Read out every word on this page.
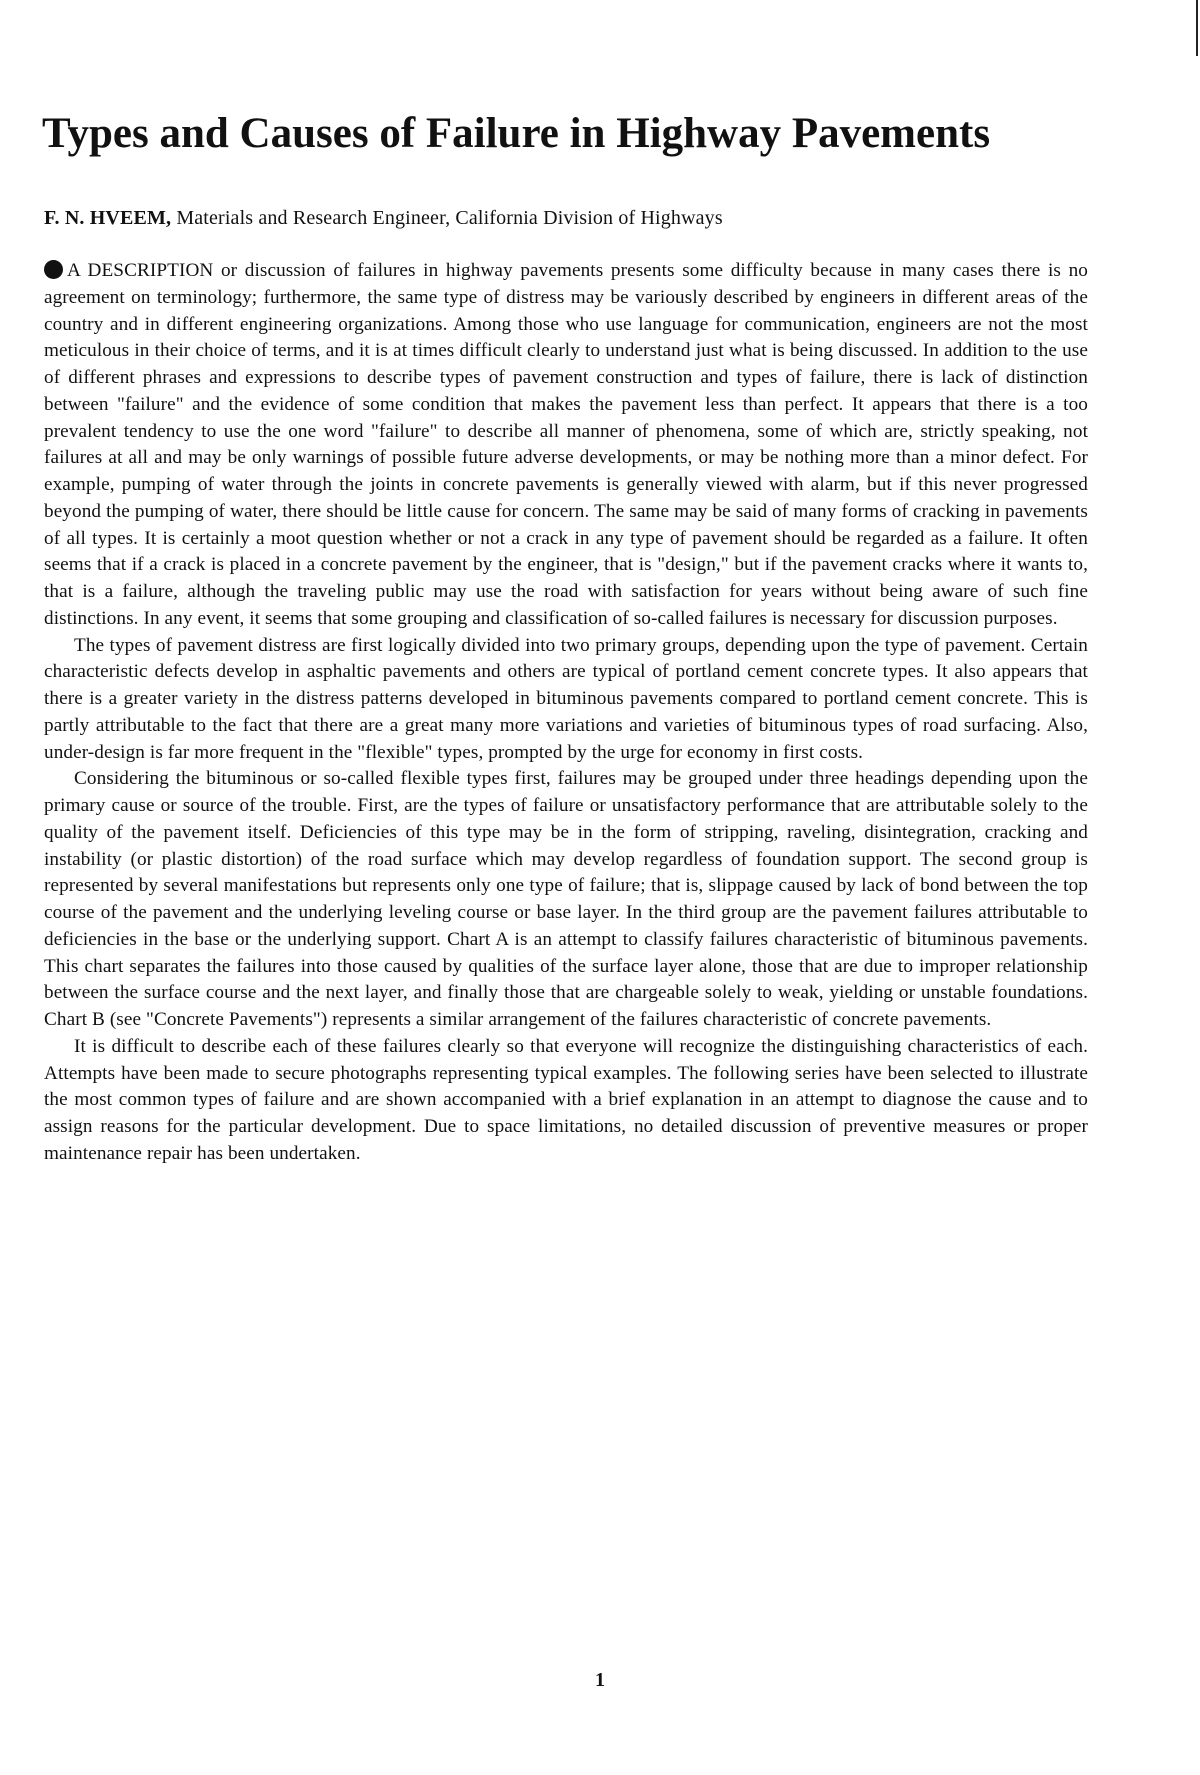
Types and Causes of Failure in Highway Pavements

F. N. HVEEM, Materials and Research Engineer, California Division of Highways

A DESCRIPTION or discussion of failures in highway pavements presents some difficulty because in many cases there is no agreement on terminology; furthermore, the same type of distress may be variously described by engineers in different areas of the country and in different engineering organizations. Among those who use language for communication, engineers are not the most meticulous in their choice of terms, and it is at times difficult clearly to understand just what is being discussed. In addition to the use of different phrases and expressions to describe types of pavement construction and types of failure, there is lack of distinction between "failure" and the evidence of some condition that makes the pavement less than perfect. It appears that there is a too prevalent tendency to use the one word "failure" to describe all manner of phenomena, some of which are, strictly speaking, not failures at all and may be only warnings of possible future adverse developments, or may be nothing more than a minor defect. For example, pumping of water through the joints in concrete pavements is generally viewed with alarm, but if this never progressed beyond the pumping of water, there should be little cause for concern. The same may be said of many forms of cracking in pavements of all types. It is certainly a moot question whether or not a crack in any type of pavement should be regarded as a failure. It often seems that if a crack is placed in a concrete pavement by the engineer, that is "design," but if the pavement cracks where it wants to, that is a failure, although the traveling public may use the road with satisfaction for years without being aware of such fine distinctions. In any event, it seems that some grouping and classification of so-called failures is necessary for discussion purposes.

The types of pavement distress are first logically divided into two primary groups, depending upon the type of pavement. Certain characteristic defects develop in asphaltic pavements and others are typical of portland cement concrete types. It also appears that there is a greater variety in the distress patterns developed in bituminous pavements compared to portland cement concrete. This is partly attributable to the fact that there are a great many more variations and varieties of bituminous types of road surfacing. Also, under-design is far more frequent in the "flexible" types, prompted by the urge for economy in first costs.

Considering the bituminous or so-called flexible types first, failures may be grouped under three headings depending upon the primary cause or source of the trouble. First, are the types of failure or unsatisfactory performance that are attributable solely to the quality of the pavement itself. Deficiencies of this type may be in the form of stripping, raveling, disintegration, cracking and instability (or plastic distortion) of the road surface which may develop regardless of foundation support. The second group is represented by several manifestations but represents only one type of failure; that is, slippage caused by lack of bond between the top course of the pavement and the underlying leveling course or base layer. In the third group are the pavement failures attributable to deficiencies in the base or the underlying support. Chart A is an attempt to classify failures characteristic of bituminous pavements. This chart separates the failures into those caused by qualities of the surface layer alone, those that are due to improper relationship between the surface course and the next layer, and finally those that are chargeable solely to weak, yielding or unstable foundations. Chart B (see "Concrete Pavements") represents a similar arrangement of the failures characteristic of concrete pavements.

It is difficult to describe each of these failures clearly so that everyone will recognize the distinguishing characteristics of each. Attempts have been made to secure photographs representing typical examples. The following series have been selected to illustrate the most common types of failure and are shown accompanied with a brief explanation in an attempt to diagnose the cause and to assign reasons for the particular development. Due to space limitations, no detailed discussion of preventive measures or proper maintenance repair has been undertaken.

1
